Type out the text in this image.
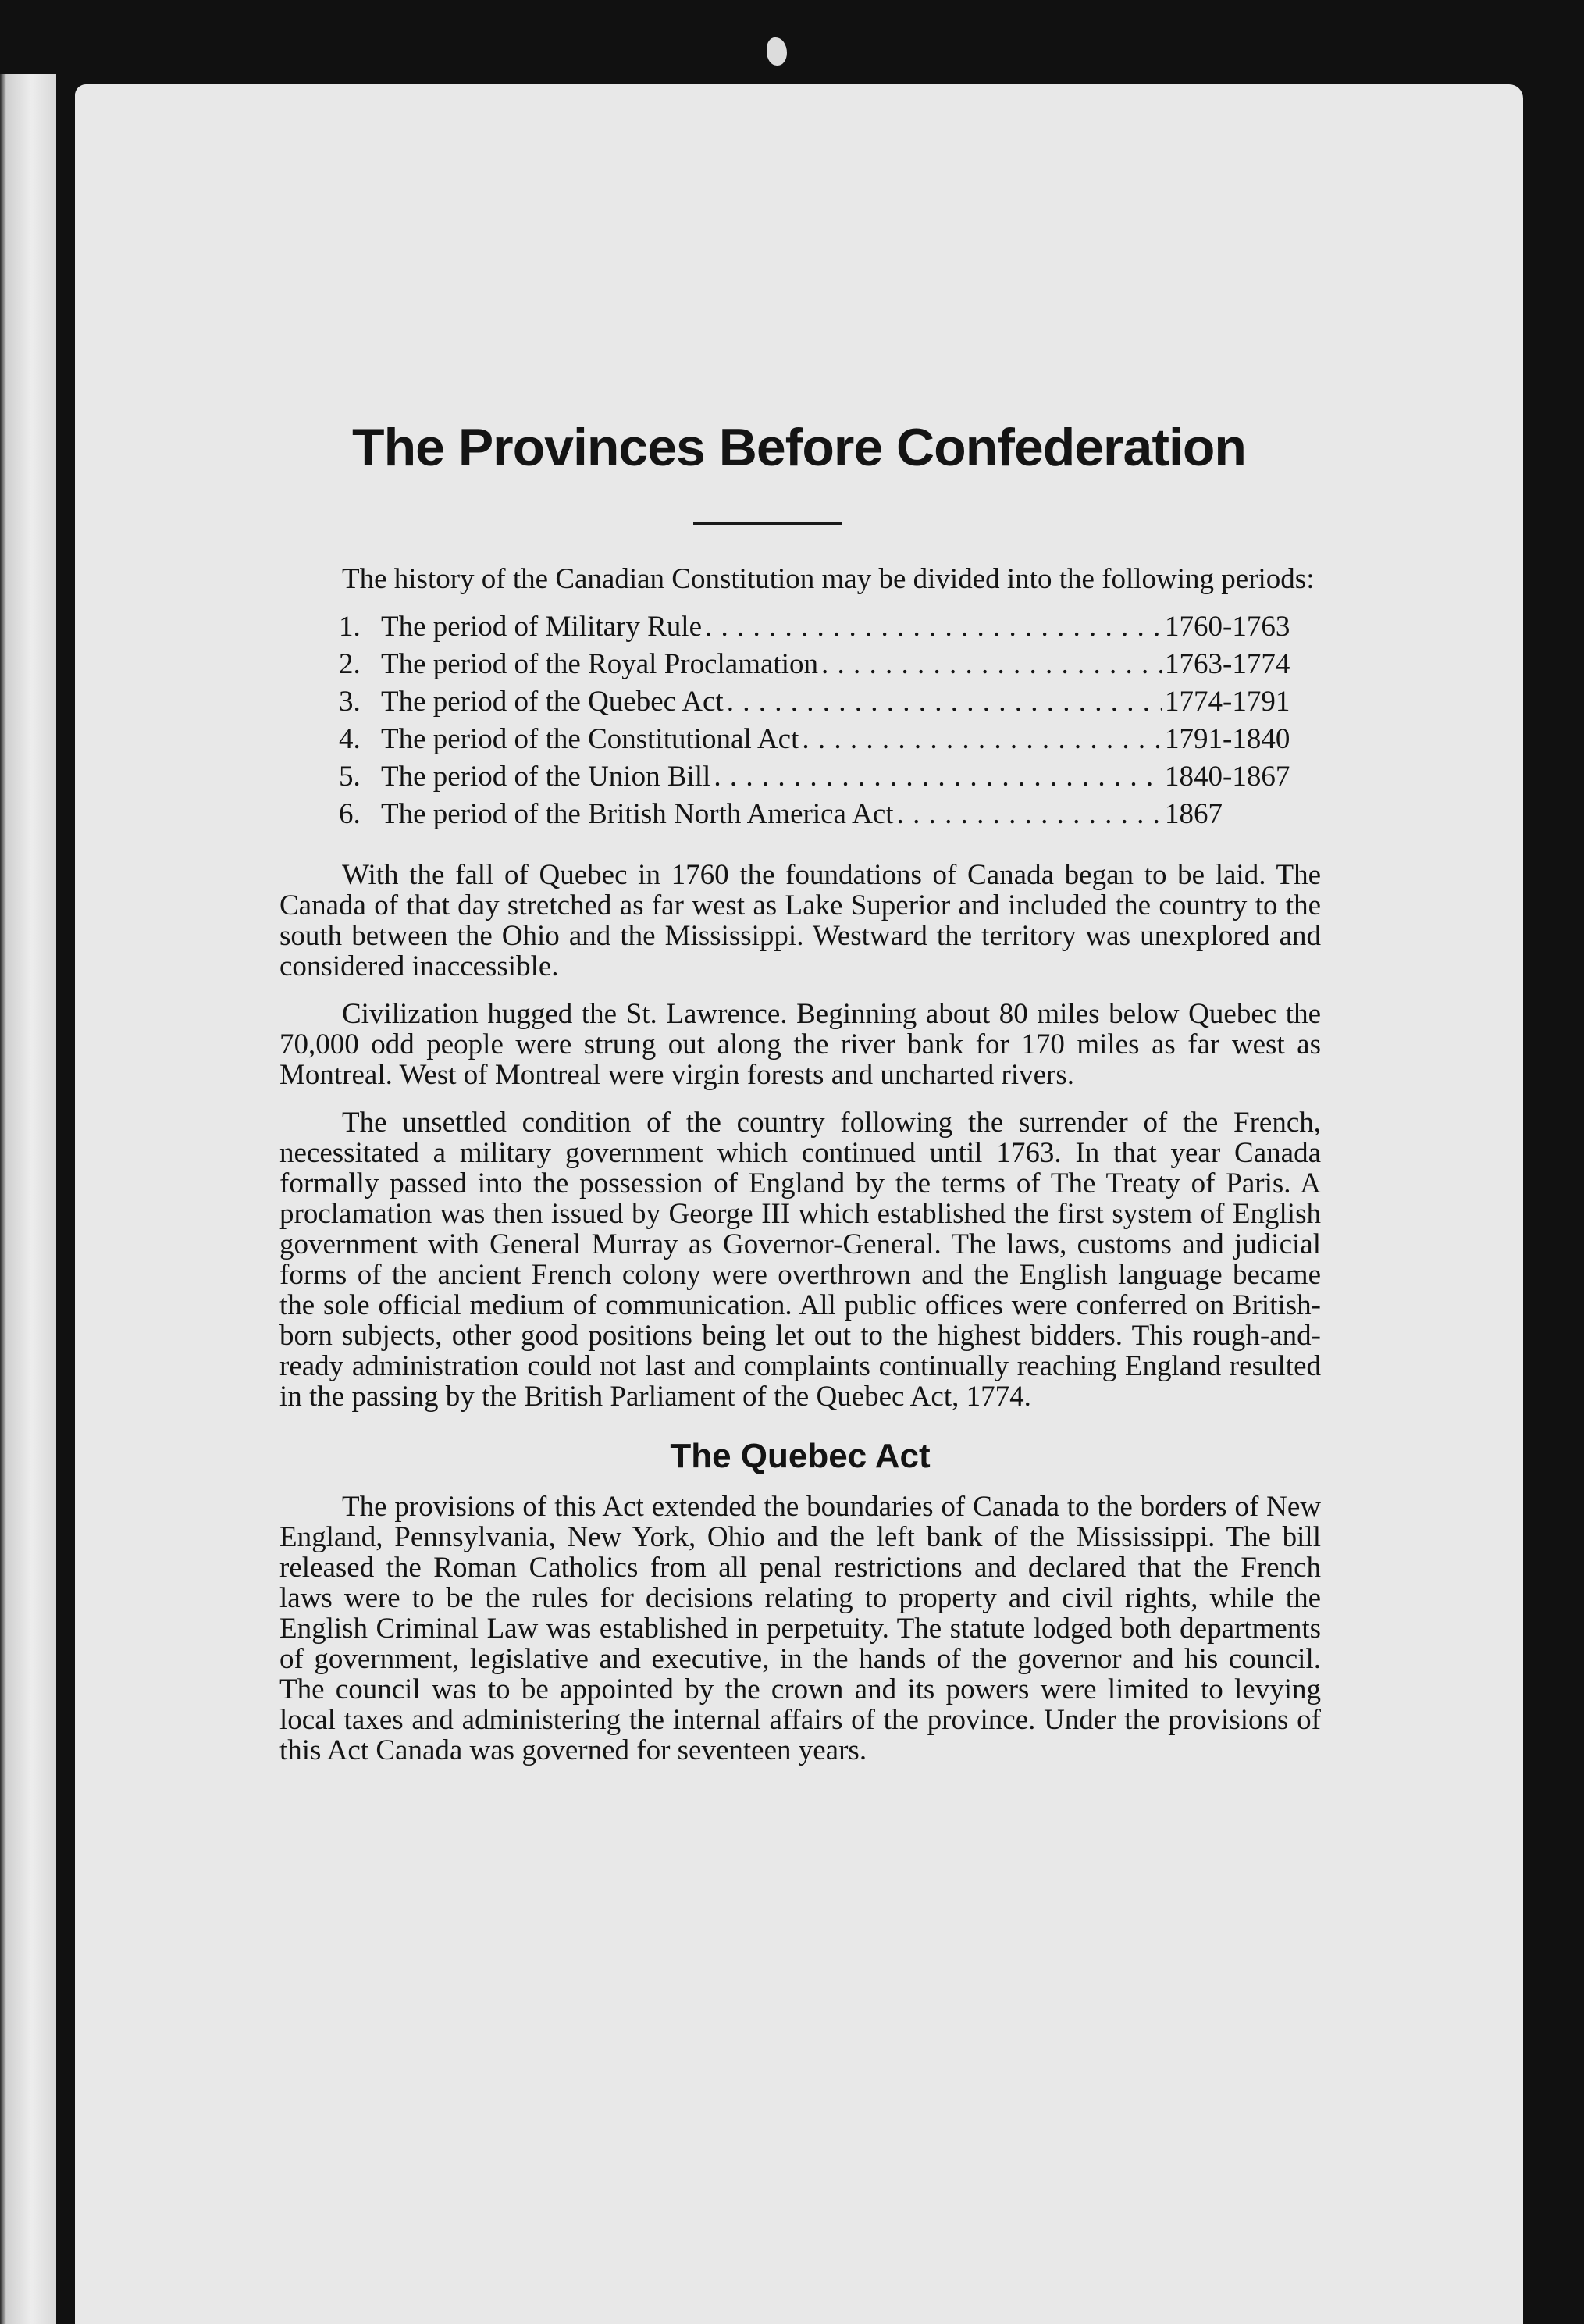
The Provinces Before Confederation

The history of the Canadian Constitution may be divided into the following periods:

1. The period of Military Rule . . .	1760-1763
2. The period of the Royal Proclamation . . .	1763-1774
3. The period of the Quebec Act . . .	1774-1791
4. The period of the Constitutional Act . . .	1791-1840
5. The period of the Union Bill . . .	1840-1867
6. The period of the British North America Act . . .	1867

With the fall of Quebec in 1760 the foundations of Canada began to be laid. The Canada of that day stretched as far west as Lake Superior and included the country to the south between the Ohio and the Mississippi. Westward the territory was unexplored and considered inaccessible.

Civilization hugged the St. Lawrence. Beginning about 80 miles below Quebec the 70,000 odd people were strung out along the river bank for 170 miles as far west as Montreal. West of Montreal were virgin forests and uncharted rivers.

The unsettled condition of the country following the surrender of the French, necessitated a military government which continued until 1763. In that year Canada formally passed into the possession of England by the terms of The Treaty of Paris. A proclamation was then issued by George III which established the first system of English government with General Murray as Governor-General. The laws, customs and judicial forms of the ancient French colony were overthrown and the English language became the sole official medium of communication. All public offices were conferred on British-born subjects, other good positions being let out to the highest bidders. This rough-and-ready administration could not last and complaints continually reaching England resulted in the passing by the British Parliament of the Quebec Act, 1774.

The Quebec Act

The provisions of this Act extended the boundaries of Canada to the borders of New England, Pennsylvania, New York, Ohio and the left bank of the Mississippi. The bill released the Roman Catholics from all penal restrictions and declared that the French laws were to be the rules for decisions relating to property and civil rights, while the English Criminal Law was established in perpetuity. The statute lodged both departments of government, legislative and executive, in the hands of the governor and his council. The council was to be appointed by the crown and its powers were limited to levying local taxes and administering the internal affairs of the province. Under the provisions of this Act Canada was governed for seventeen years.
